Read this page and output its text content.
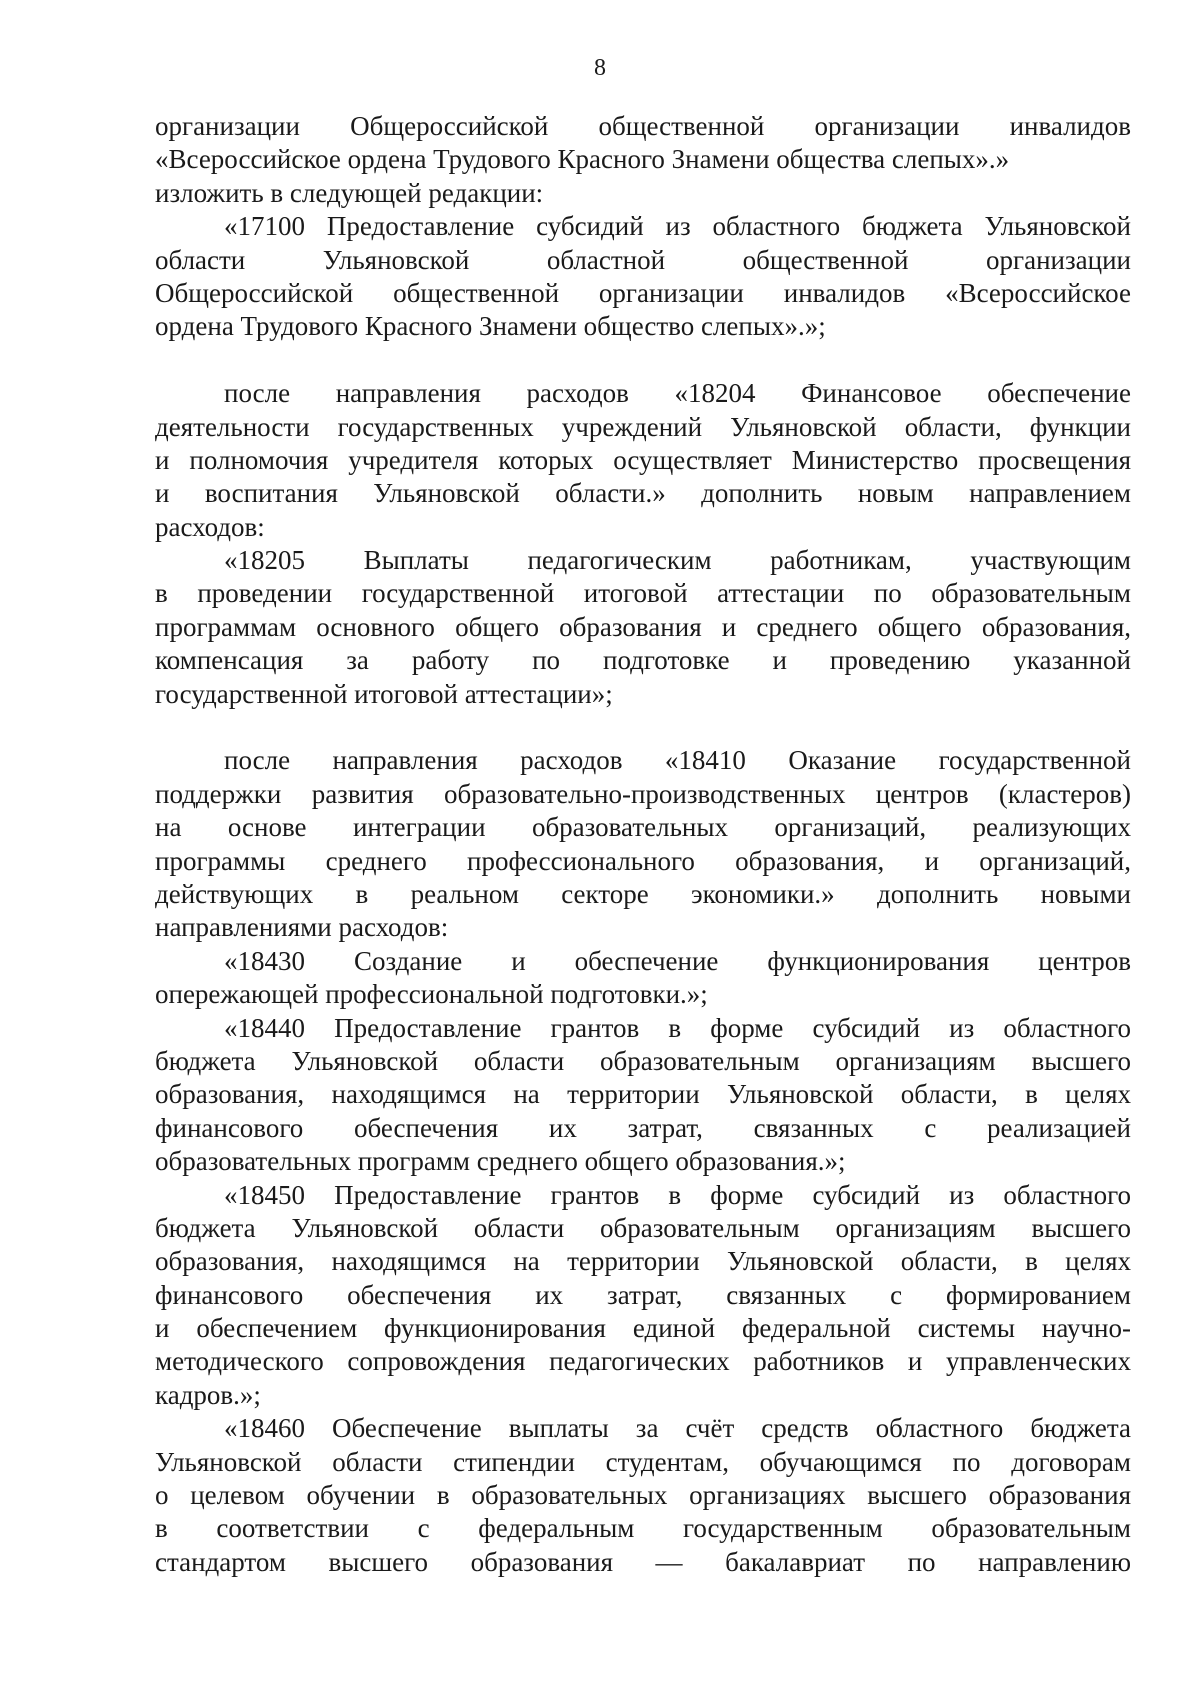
8
организации Общероссийской общественной организации инвалидов
«Всероссийское ордена Трудового Красного Знамени общества слепых».»
изложить в следующей редакции:
«17100 Предоставление субсидий из областного бюджета Ульяновской
области Ульяновской областной общественной организации
Общероссийской общественной организации инвалидов «Всероссийское
ордена Трудового Красного Знамени общество слепых».»;
после направления расходов «18204 Финансовое обеспечение
деятельности государственных учреждений Ульяновской области, функции
и полномочия учредителя которых осуществляет Министерство просвещения
и воспитания Ульяновской области.» дополнить новым направлением
расходов:
«18205 Выплаты педагогическим работникам, участвующим
в проведении государственной итоговой аттестации по образовательным
программам основного общего образования и среднего общего образования,
компенсация за работу по подготовке и проведению указанной
государственной итоговой аттестации»;
после направления расходов «18410 Оказание государственной
поддержки развития образовательно-производственных центров (кластеров)
на основе интеграции образовательных организаций, реализующих
программы среднего профессионального образования, и организаций,
действующих в реальном секторе экономики.» дополнить новыми
направлениями расходов:
«18430 Создание и обеспечение функционирования центров
опережающей профессиональной подготовки.»;
«18440 Предоставление грантов в форме субсидий из областного
бюджета Ульяновской области образовательным организациям высшего
образования, находящимся на территории Ульяновской области, в целях
финансового обеспечения их затрат, связанных с реализацией
образовательных программ среднего общего образования.»;
«18450 Предоставление грантов в форме субсидий из областного
бюджета Ульяновской области образовательным организациям высшего
образования, находящимся на территории Ульяновской области, в целях
финансового обеспечения их затрат, связанных с формированием
и обеспечением функционирования единой федеральной системы научно-
методического сопровождения педагогических работников и управленческих
кадров.»;
«18460 Обеспечение выплаты за счёт средств областного бюджета
Ульяновской области стипендии студентам, обучающимся по договорам
о целевом обучении в образовательных организациях высшего образования
в соответствии с федеральным государственным образовательным
стандартом высшего образования — бакалавриат по направлению
